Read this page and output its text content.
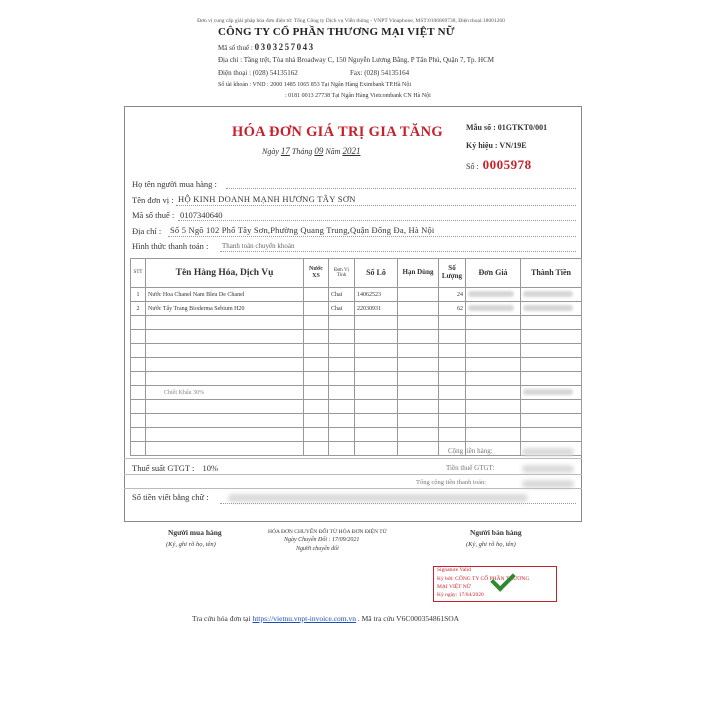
Đơn vị cung cấp giải pháp hóa đơn điện tử: Tổng Công ty Dịch vụ Viễn thông - VNPT Vinaphone, MST:0106869738, Điện thoại:18001260
CÔNG TY CỔ PHẦN THƯƠNG MẠI VIỆT NỮ
Mã số thuế : 0303257043
Địa chỉ : Tầng trệt, Tòa nhà Broadway C, 150 Nguyễn Lương Bằng, P Tân Phú, Quận 7, Tp. HCM
Điện thoại : (028) 54135162	Fax: (028) 54135164
Số tài khoản : VND : 2000 1485 1065 853 Tại Ngân Hàng Eximbank TP.Hà Nội
: 0181 0013 27738 Tại Ngân Hàng Vietcombank CN Hà Nội
HÓA ĐƠN GIÁ TRỊ GIA TĂNG
Ngày 17 Tháng 09 Năm 2021
Mẫu số : 01GTKT0/001
Ký hiệu : VN/19E
Số : 0005978
Họ tên người mua hàng :
Tên đơn vị : HỘ KINH DOANH MẠNH HƯƠNG TÂY SƠN
Mã số thuế : 0107340640
Địa chỉ : Số 5 Ngõ 102 Phố Tây Sơn,Phường Quang Trung,Quận Đống Đa, Hà Nội
Hình thức thanh toán : Thanh toán chuyển khoản
STT	Tên Hàng Hóa, Dịch Vụ	Nước XS	Đơn Vị Tính	Số Lô	Hạn Dùng	Số Lượng	Đơn Giá	Thành Tiền
1	Nước Hoa Chanel Nam Bleu De Chanel		Chai	14062523		24		
2	Nước Tẩy Trang Bioderma Sebium H20		Chai	22030931		62		

	Chiết Khấu 30%							

Cộng tiền hàng:
Thuế suất GTGT : 10%	Tiền thuế GTGT:
Tổng cộng tiền thanh toán:
Số tiền viết bằng chữ :
Người mua hàng
(Ký, ghi rõ họ, tên)
HÓA ĐƠN CHUYỂN ĐỔI TỪ HÓA ĐƠN ĐIỆN TỬ
Ngày Chuyển Đổi : 17/09/2021
Người chuyển đổi
Người bán hàng
(Ký, ghi rõ họ, tên)
Signature Valid
Ký bởi: CÔNG TY CỔ PHẦN THƯƠNG
MẠI VIỆT NỮ
Ký ngày: 17/04/2020
Tra cứu hóa đơn tại https://vietnu.vnpt-invoice.com.vn . Mã tra cứu V6C000354861SOA
